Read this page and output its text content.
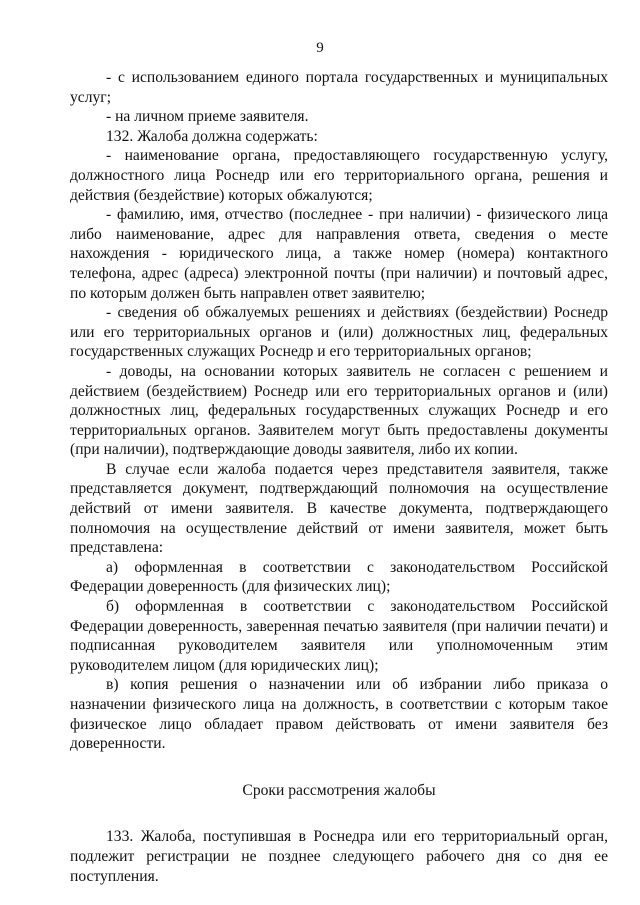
9

- с использованием единого портала государственных и муниципальных услуг;

- на личном приеме заявителя.

132. Жалоба должна содержать:

- наименование органа, предоставляющего государственную услугу, должностного лица Роснедр или его территориального органа, решения и действия (бездействие) которых обжалуются;

- фамилию, имя, отчество (последнее - при наличии) - физического лица либо наименование, адрес для направления ответа, сведения о месте нахождения - юридического лица, а также номер (номера) контактного телефона, адрес (адреса) электронной почты (при наличии) и почтовый адрес, по которым должен быть направлен ответ заявителю;

- сведения об обжалуемых решениях и действиях (бездействии) Роснедр или его территориальных органов и (или) должностных лиц, федеральных государственных служащих Роснедр и его территориальных органов;

- доводы, на основании которых заявитель не согласен с решением и действием (бездействием) Роснедр или его территориальных органов и (или) должностных лиц, федеральных государственных служащих Роснедр и его территориальных органов. Заявителем могут быть предоставлены документы (при наличии), подтверждающие доводы заявителя, либо их копии.

В случае если жалоба подается через представителя заявителя, также представляется документ, подтверждающий полномочия на осуществление действий от имени заявителя. В качестве документа, подтверждающего полномочия на осуществление действий от имени заявителя, может быть представлена:

а) оформленная в соответствии с законодательством Российской Федерации доверенность (для физических лиц);

б) оформленная в соответствии с законодательством Российской Федерации доверенность, заверенная печатью заявителя (при наличии печати) и подписанная руководителем заявителя или уполномоченным этим руководителем лицом (для юридических лиц);

в) копия решения о назначении или об избрании либо приказа о назначении физического лица на должность, в соответствии с которым такое физическое лицо обладает правом действовать от имени заявителя без доверенности.

Сроки рассмотрения жалобы

133. Жалоба, поступившая в Роснедра или его территориальный орган, подлежит регистрации не позднее следующего рабочего дня со дня ее поступления.
